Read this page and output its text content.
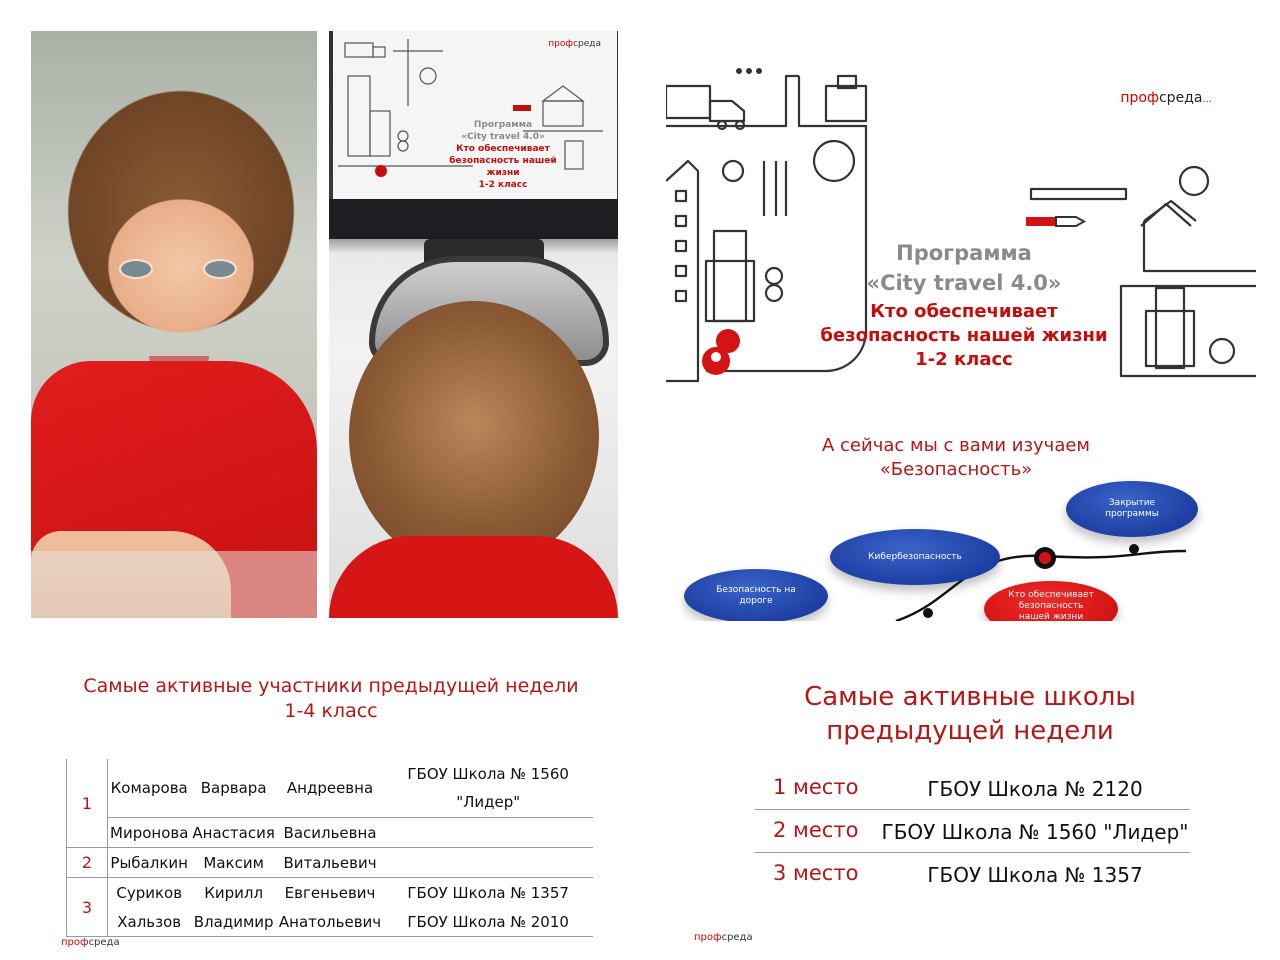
профсреда
Программа
«City travel 4.0»
Кто обеспечивает
безопасность нашей жизни
1-2 класс
профсреда...
Программа
«City travel 4.0»
Кто обеспечивает
безопасность нашей жизни
1-2 класс
А сейчас мы с вами изучаем
«Безопасность»
Безопасность на дороге
Кибербезопасность
Кто обеспечивает безопасность нашей жизни
Закрытие программы
Самые активные участники предыдущей недели
1-4 класс
1	Комарова	Варвара	Андреевна	ГБОУ Школа № 1560
"Лидер"

	Миронова	Анастасия	Васильевна	
2	Рыбалкин	Максим	Витальевич	
3	Суриков	Кирилл	Евгеньевич	ГБОУ Школа № 1357
	Хальзов	Владимир	Анатольевич	ГБОУ Школа № 2010
профсреда
Самые активные школы
предыдущей недели
1 место	ГБОУ Школа № 2120
2 место	ГБОУ Школа № 1560 "Лидер"
3 место	ГБОУ Школа № 1357
профсреда
